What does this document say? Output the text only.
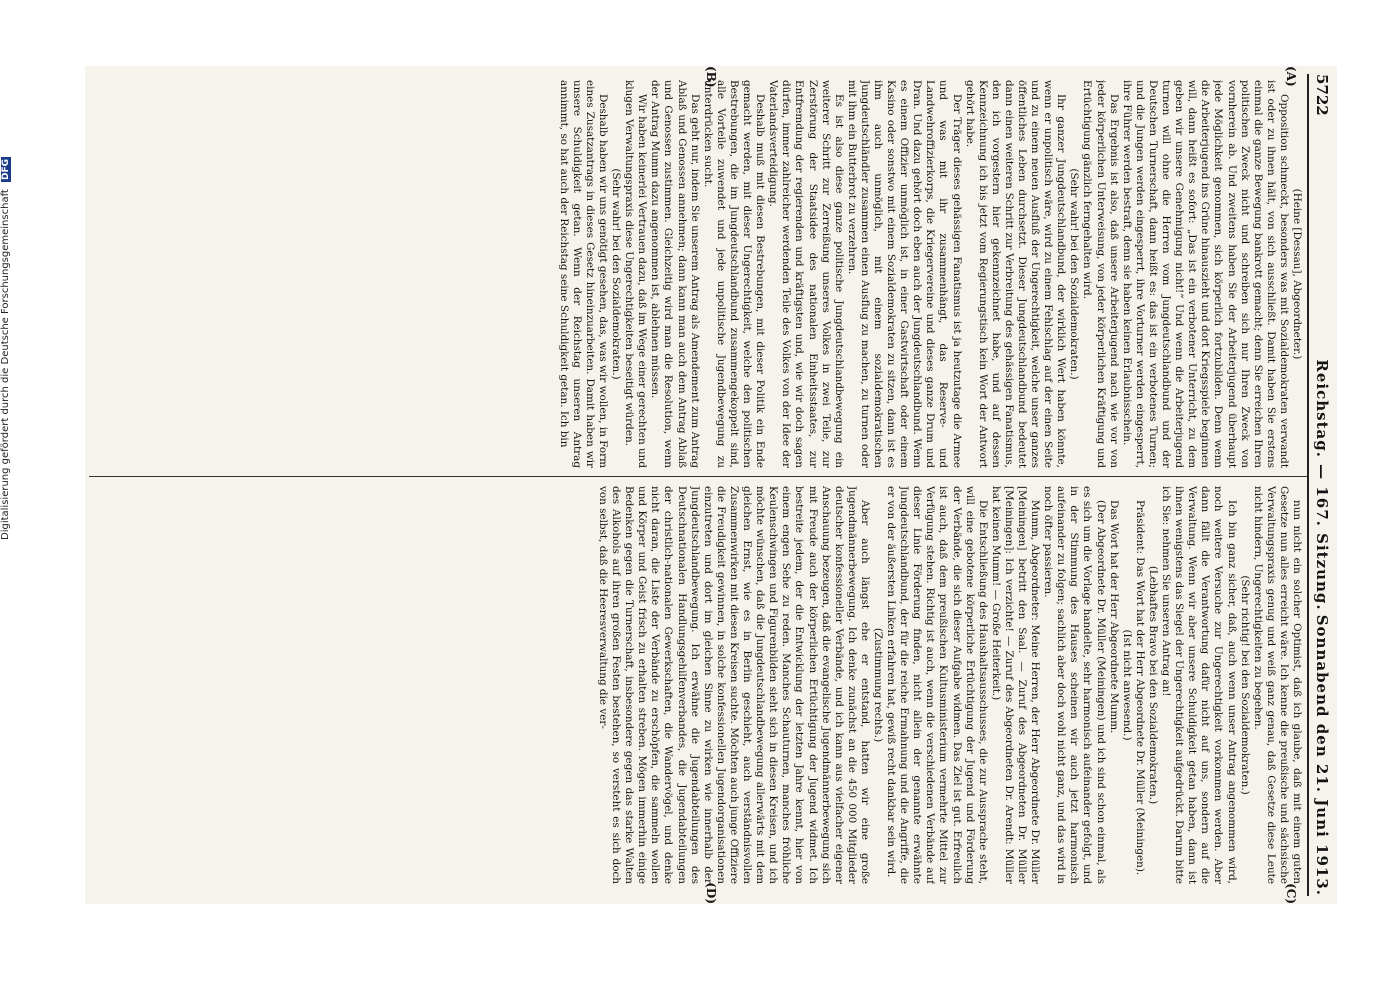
5722
Reichstag. — 167. Sitzung.
Sonnabend den 21. Juni 1913.
(A)
(B)
(C)
(D)

(Heine [Dessau], Abgeordneter.)

Opposition schmeckt, besonders was mit Sozialdemokraten verwandt ist oder zu ihnen hält, von sich ausschließt. Damit haben Sie erstens einmal die ganze Bewegung bankrott gemacht; denn Sie erreichen Ihren politischen Zweck nicht und schreiben sich nur Ihren Zweck von vornherein ab. Und zweitens haben Sie der Arbeiterjugend überhaupt jede Möglichkeit genommen, sich körperlich fortzubilden. Denn wenn die Arbeiterjugend ins Grüne hinauszieht und dort Kriegsspiele beginnen will, dann heißt es sofort: „Das ist ein verbotener Unterricht, zu dem geben wir unsere Genehmigung nicht!“ Und wenn die Arbeiterjugend turnen will ohne die Herren vom Jungdeutschlandbund und der Deutschen Turnerschaft, dann heißt es: das ist ein verbotenes Turnen; und die Jungen werden eingesperrt, ihre Vorturner werden eingesperrt, ihre Führer werden bestraft, denn sie haben keinen Erlaubnisschein.

Das Ergebnis ist also, daß unsere Arbeiterjugend nach wie vor von jeder körperlichen Unterweisung, von jeder körperlichen Kräftigung und Ertüchtigung gänzlich ferngehalten wird.

(Sehr wahr! bei den Sozialdemokraten.)

Ihr ganzer Jungdeutschlandbund, der wirklich Wert haben könnte, wenn er unpolitisch wäre, wird zu einem Fehlschlag auf der einen Seite und zu einem neuen Ausfluß der Ungerechtigkeit, welche unser ganzes öffentliches Leben durchsetzt. Dieser Jungdeutschlandbund bedeutet dann einen weiteren Schritt zur Verbreitung des gehässigen Fanatismus, den ich vorgestern hier gekennzeichnet habe, und auf dessen Kennzeichnung ich bis jetzt vom Regierungstisch kein Wort der Antwort gehört habe.

Der Träger dieses gehässigen Fanatismus ist ja heutzutage die Armee und was mit ihr zusammenhängt, das Reserve- und Landwehroffizierkorps, die Kriegervereine und dieses ganze Drum und Dran. Und dazu gehört doch eben auch der Jungdeutschlandbund. Wenn es einem Offizier unmöglich ist, in einer Gastwirtschaft oder einem Kasino oder sonstwo mit einem Sozialdemokraten zu sitzen, dann ist es ihm auch unmöglich, mit einem sozialdemokratischen Jungdeutschländler zusammen einen Ausflug zu machen, zu turnen oder mit ihm ein Butterbrot zu verzehren.

Es ist also diese ganze politische Jungdeutschlandbewegung ein weiterer Schritt zur Zerreißung unseres Volkes in zwei Teile, zur Zerstörung der Staatsidee des nationalen Einheitsstaates, zur Entfremdung der regierenden und kräftigsten und, wie wir doch sagen dürfen, immer zahlreicher werdenden Teile des Volkes von der Idee der Vaterlandsverteidigung.

Deshalb muß mit diesen Bestrebungen, mit dieser Politik ein Ende gemacht werden, mit dieser Ungerechtigkeit, welche den politischen Bestrebungen, die im Jungdeutschlandbund zusammengekoppelt sind, alle Vorteile zuwendet und jede unpolitische Jugendbewegung zu unterdrücken sucht.

Das geht nur, indem Sie unserem Antrag als Amendement zum Antrag Ablaß und Genossen annehmen; dann kann man auch dem Antrag Ablaß und Genossen zustimmen. Gleichzeitig wird man die Resolution, wenn der Antrag Mumm dazu angenommen ist, ablehnen müssen.

Wir haben keinerlei Vertrauen dazu, daß im Wege einer gerechten und klugen Verwaltungspraxis diese Ungerechtigkeiten beseitigt würden.

(Sehr wahr! bei den Sozialdemokraten.)

Deshalb haben wir uns genötigt gesehen, das, was wir wollen, in Form eines Zusatzantrags in dieses Gesetz hineinzuarbeiten. Damit haben wir unsere Schuldigkeit getan. Wenn der Reichstag unseren Antrag annimmt, so hat auch der Reichstag seine Schuldigkeit getan. Ich bin

nun nicht ein solcher Optimist, daß ich glaube, daß mit einem guten Gesetze nun alles erreicht wäre. Ich kenne die preußische und sächsische Verwaltungspraxis genug und weiß ganz genau, daß Gesetze diese Leute nicht hindern, Ungerechtigkeiten zu begehen.

(Sehr richtig! bei den Sozialdemokraten.)

Ich bin ganz sicher, daß, auch wenn unser Antrag angenommen wird, noch weitere Versuche zur Ungerechtigkeit vorkommen werden. Aber dann fällt die Verantwortung dafür nicht auf uns, sondern auf die Verwaltung. Wenn wir aber unsere Schuldigkeit getan haben, dann ist ihnen wenigstens das Siegel der Ungerechtigkeit aufgedrückt. Darum bitte ich Sie: nehmen Sie unseren Antrag an!

(Lebhaftes Bravo bei den Sozialdemokraten.)

Präsident: Das Wort hat der Herr Abgeordnete Dr. Müller (Meiningen).

(Ist nicht anwesend.)

Das Wort hat der Herr Abgeordnete Mumm.

(Der Abgeordnete Dr. Müller (Meiningen) und ich sind schon einmal, als es sich um die Vorlage handelte, sehr harmonisch aufeinander gefolgt, und in der Stimmung des Hauses scheinen wir auch jetzt harmonisch aufeinander zu folgen; sachlich aber doch wohl nicht ganz, und das wird in noch öfter passieren.

Mumm, Abgeordneter: Meine Herren, der Herr Abgeordnete Dr. Müller [Meiningen] betritt den Saal. — Zuruf des Abgeordneten Dr. Müller [Meiningen]: Ich verzichte! — Zuruf des Abgeordneten Dr. Arendt: Müller hat keinen Mumm! — Große Heiterkeit.)

Die Entschließung des Haushaltsausschusses, die zur Aussprache steht, will eine gebotene körperliche Ertüchtigung der Jugend und Förderung der Verbände, die sich dieser Aufgabe widmen. Das Ziel ist gut. Erfreulich ist auch, daß dem preußischen Kultusministerium vermehrte Mittel zur Verfügung stehen. Richtig ist auch, wenn die verschiedenen Verbände auf dieser Linie Förderung finden, nicht allein der genannte erwähnte Jungdeutschlandbund, der für die reiche Ermahnung und die Angriffe, die er von der äußersten Linken erfahren hat, gewiß recht dankbar sein wird.

(Zustimmung rechts.)

Aber auch längst ehe er entstand, hatten wir eine große Jugendmännerbewegung. Ich denke zunächst an die 450 000 Mitglieder deutscher konfessioneller Verbände, und ich kann aus vielfacher eigener Anschauung bezeugen, daß die evangelische Jugendmännerbewegung sich mit Freude auch der körperlichen Ertüchtigung der Jugend widmet. Ich bestreite jedem, der die Entwicklung der letzten Jahre kennt, hier von einem engen Sehe zu reden. Manches Schauturnen, manches fröhliche Keulenschwingen und Figurenbilden sieht sich in diesen Kreisen, und ich möchte wünschen, daß die Jungdeutschlandbewegung allerwärts mit dem gleichen Ernst, wie es in Berlin geschieht, auch verständnisvollen Zusammenwirken mit diesen Kreisen suchte. Möchten auch junge Offiziere die Freudigkeit gewinnen, in solche konfessionellen Jugendorganisationen einzutreten und dort im gleichen Sinne zu wirken wie innerhalb der Jungdeutschlandbewegung. Ich erwähne die Jugendabteilungen des Deutschnationalen Handlungsgehilfenverbandes, die Jugendabteilungen der christlich-nationalen Gewerkschaften, die Wandervögel, und denke nicht daran, die Liste der Verbände zu erschöpfen, die sammeln wollen und Körper und Geist frisch zu erhalten streben. Mögen immerhin einige Bedenken gegen die Turnerschaft, insbesondere gegen das starke Walten des Alkohols auf ihren großen Festen bestehen, so versteht es sich doch von selbst, daß die Heeresverwaltung die ver-

Digitalisierung gefördert durch die Deutsche Forschungsgemeinschaft DFG
